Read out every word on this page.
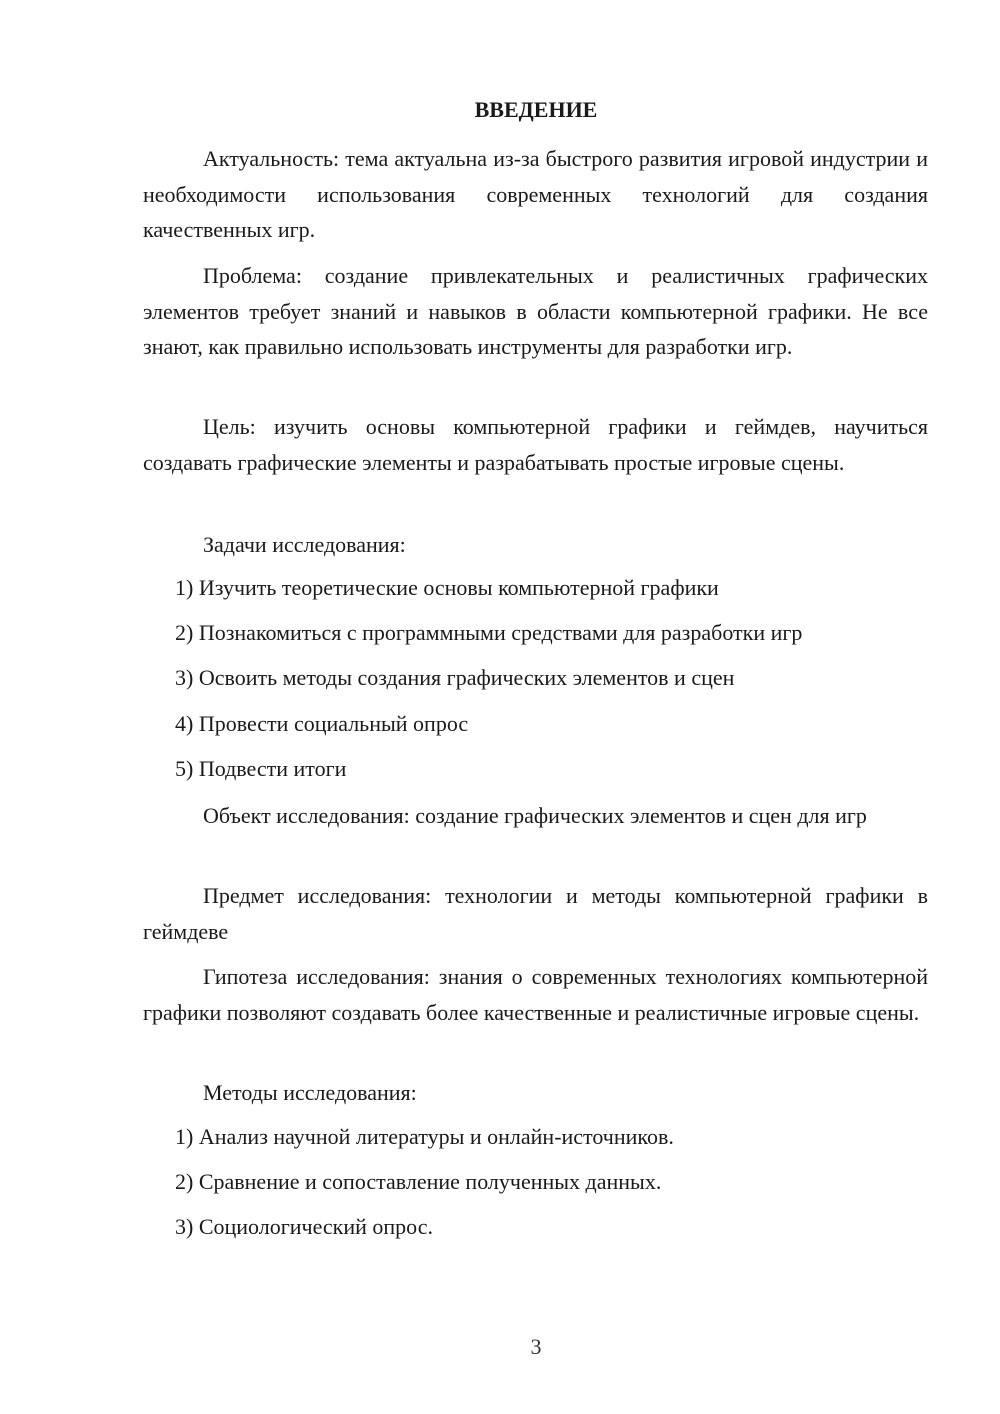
ВВЕДЕНИЕ

Актуальность: тема актуальна из-за быстрого развития игровой индустрии и необходимости использования современных технологий для создания качественных игр.

Проблема: создание привлекательных и реалистичных графических элементов требует знаний и навыков в области компьютерной графики. Не все знают, как правильно использовать инструменты для разработки игр.

Цель: изучить основы компьютерной графики и геймдев, научиться создавать графические элементы и разрабатывать простые игровые сцены.

Задачи исследования:

1) Изучить теоретические основы компьютерной графики

2) Познакомиться с программными средствами для разработки игр

3) Освоить методы создания графических элементов и сцен

4) Провести социальный опрос

5) Подвести итоги

Объект исследования: создание графических элементов и сцен для игр

Предмет исследования: технологии и методы компьютерной графики в геймдеве

Гипотеза исследования: знания о современных технологиях компьютерной графики позволяют создавать более качественные и реалистичные игровые сцены.

Методы исследования:

1) Анализ научной литературы и онлайн-источников.

2) Сравнение и сопоставление полученных данных.

3) Социологический опрос.

3
